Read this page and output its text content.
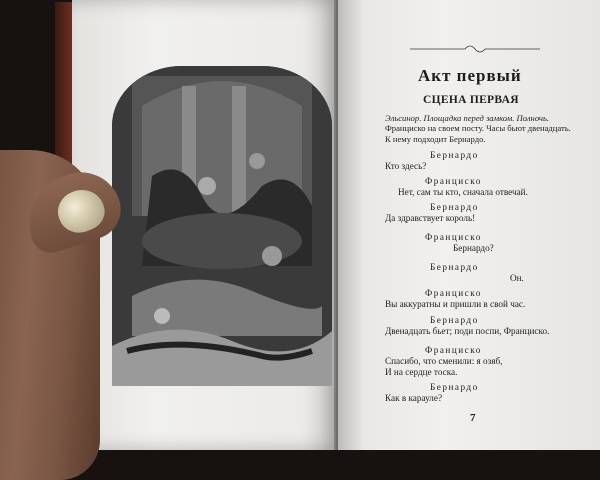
Акт первый
СЦЕНА ПЕРВАЯ
Эльсинор. Площадка перед замком. Полночь.
Франциско на своем посту. Часы бьют двенадцать.
К нему подходит Бернардо.
Бернардо
Кто здесь?
Франциско
Нет, сам ты кто, сначала отвечай.
Бернардо
Да здравствует король!
Франциско
Бернардо?
Бернардо
Он.
Франциско
Вы аккуратны и пришли в свой час.
Бернардо
Двенадцать бьет; поди поспи, Франциско.
Франциско
Спасибо, что сменили: я озяб,
И на сердце тоска.
Бернардо
Как в карауле?
7
